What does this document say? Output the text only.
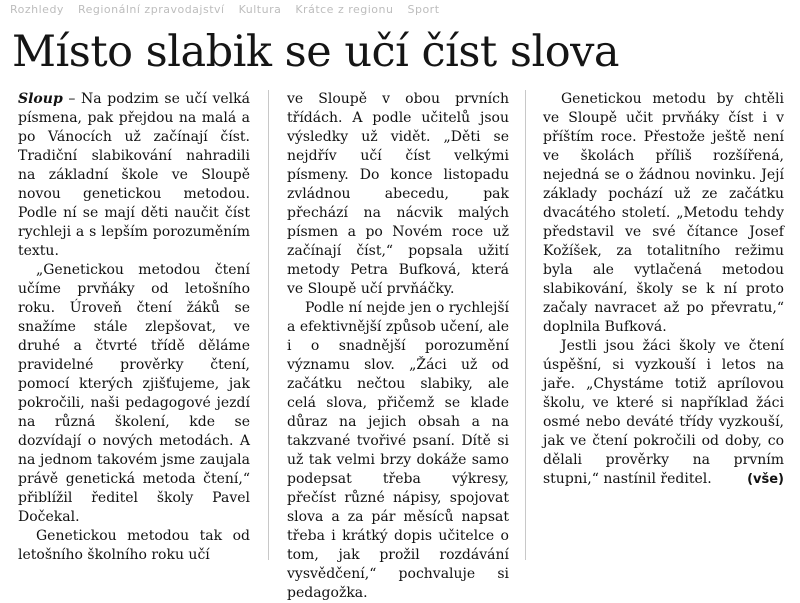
Rozhledy Regionální zpravodajství Kultura Krátce z regionu Sport
Místo slabik se učí číst slova

Sloup – Na podzim se učí velká písmena, pak přejdou na malá a po Vánocích už začínají číst. Tradiční slabikování nahradili na základní škole ve Sloupě novou genetickou metodou. Podle ní se mají děti naučit číst rychleji a s lepším porozuměním textu.

„Genetickou metodou čtení učíme prvňáky od letošního roku. Úroveň čtení žáků se snažíme stále zlepšovat, ve druhé a čtvrté třídě děláme pravidelné prověrky čtení, pomocí kterých zjišťujeme, jak pokročili, naši pedagogové jezdí na různá školení, kde se dozvídají o nových metodách. A na jednom takovém jsme zaujala právě genetická metoda čtení,“ přiblížil ředitel školy Pavel Dočekal.

Genetickou metodou tak od letošního školního roku učí

ve Sloupě v obou prvních třídách. A podle učitelů jsou výsledky už vidět. „Děti se nejdřív učí číst velkými písmeny. Do konce listopadu zvládnou abecedu, pak přechází na nácvik malých písmen a po Novém roce už začínají číst,“ popsala užití metody Petra Bufková, která ve Sloupě učí prvňáčky.

Podle ní nejde jen o rychlejší a efektivnější způsob učení, ale i o snadnější porozumění významu slov. „Žáci už od začátku nečtou slabiky, ale celá slova, přičemž se klade důraz na jejich obsah a na takzvané tvořivé psaní. Dítě si už tak velmi brzy dokáže samo podepsat třeba výkresy, přečíst různé nápisy, spojovat slova a za pár měsíců napsat třeba i krátký dopis učitelce o tom, jak prožil rozdávání vysvědčení,“ pochvaluje si pedagožka.

Genetickou metodu by chtěli ve Sloupě učit prvňáky číst i v příštím roce. Přestože ještě není ve školách příliš rozšířená, nejedná se o žádnou novinku. Její základy pochází už ze začátku dvacátého století. „Metodu tehdy představil ve své čítance Josef Kožíšek, za totalitního režimu byla ale vytlačená metodou slabikování, školy se k ní proto začaly navracet až po převratu,“ doplnila Bufková.

Jestli jsou žáci školy ve čtení úspěšní, si vyzkouší i letos na jaře. „Chystáme totiž aprílovou školu, ve které si například žáci osmé nebo deváté třídy vyzkouší, jak ve čtení pokročili od doby, co dělali prověrky na prvním stupni,“ nastínil ředitel.	(vše)
